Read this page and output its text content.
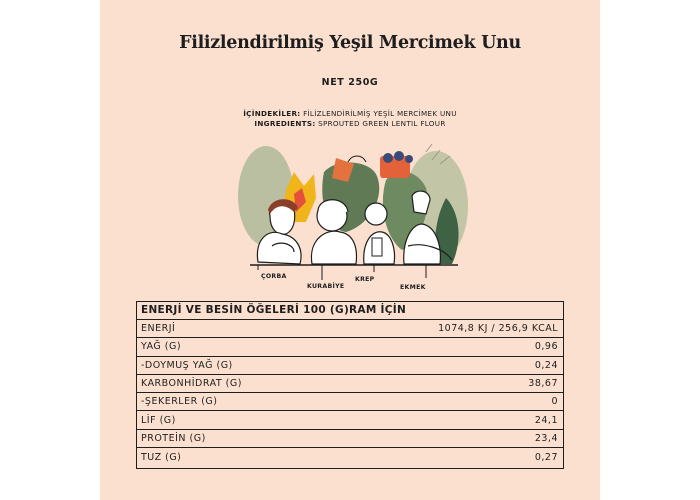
Filizlendirilmiş Yeşil Mercimek Unu
NET 250G
İÇİNDEKİLER: FİLİZLENDİRİLMİŞ YEŞİL MERCİMEK UNU
INGREDIENTS: SPROUTED GREEN LENTIL FLOUR
ÇORBA
KURABİYE
KREP
EKMEK
ENERJİ VE BESİN ÖĞELERİ 100 (G)RAM İÇİN
ENERJİ	1074,8 KJ / 256,9 KCAL
YAĞ (G)	0,96
-DOYMUŞ YAĞ (G)	0,24
KARBONHİDRAT (G)	38,67
-ŞEKERLER (G)	0
LİF (G)	24,1
PROTEİN (G)	23,4
TUZ (G)	0,27
